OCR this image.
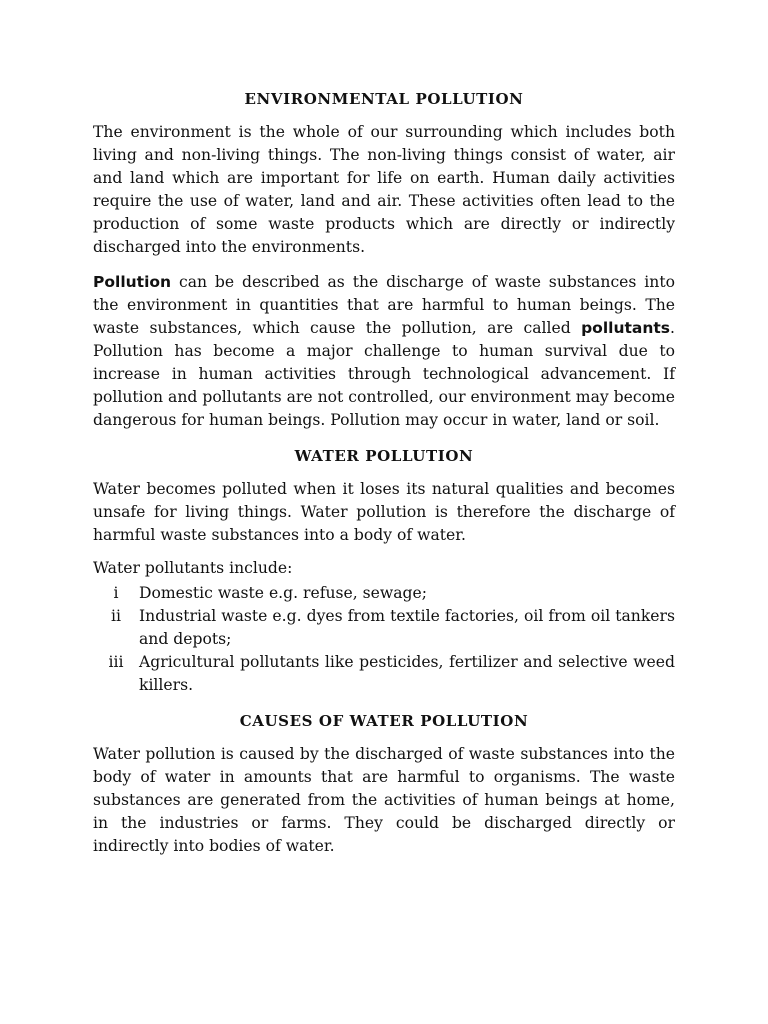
ENVIRONMENTAL POLLUTION

The environment is the whole of our surrounding which includes both living and non-living things. The non-living things consist of water, air and land which are important for life on earth. Human daily activities require the use of water, land and air. These activities often lead to the production of some waste products which are directly or indirectly discharged into the environments.

Pollution can be described as the discharge of waste substances into the environment in quantities that are harmful to human beings. The waste substances, which cause the pollution, are called pollutants. Pollution has become a major challenge to human survival due to increase in human activities through technological advancement. If pollution and pollutants are not controlled, our environment may become dangerous for human beings. Pollution may occur in water, land or soil.

WATER POLLUTION

Water becomes polluted when it loses its natural qualities and becomes unsafe for living things. Water pollution is therefore the discharge of harmful waste substances into a body of water.

Water pollutants include:

i	Domestic waste e.g. refuse, sewage;
ii	Industrial waste e.g. dyes from textile factories, oil from oil tankers and depots;
iii Agricultural pollutants like pesticides, fertilizer and selective weed killers.
CAUSES OF WATER POLLUTION

Water pollution is caused by the discharged of waste substances into the body of water in amounts that are harmful to organisms. The waste substances are generated from the activities of human beings at home, in the industries or farms. They could be discharged directly or indirectly into bodies of water.
